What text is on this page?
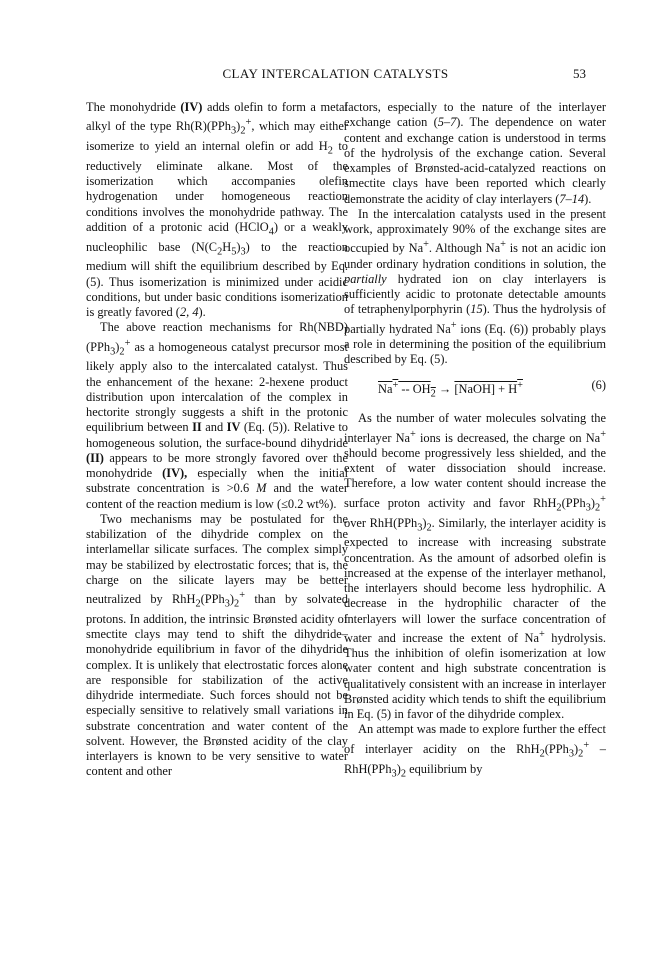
CLAY INTERCALATION CATALYSTS	53

The monohydride (IV) adds olefin to form a metal alkyl of the type $Rh(R)(PPh_3)_2^+$, which may either isomerize to yield an internal olefin or add $H_2$ to reductively eliminate alkane. Most of the isomerization which accompanies olefin hydrogenation under homogeneous reaction conditions involves the monohydride pathway. The addition of a protonic acid (HClO$_4$) or a weakly nucleophilic base $(N(C_2H_5)_3)$ to the reaction medium will shift the equilibrium described by Eq. (5). Thus isomerization is minimized under acidic conditions, but under basic conditions isomerization is greatly favored (2, 4).

The above reaction mechanisms for $Rh(NBD)(PPh_3)_2^+$ as a homogeneous catalyst precursor most likely apply also to the intercalated catalyst. Thus the enhancement of the hexane: 2-hexene product distribution upon intercalation of the complex in hectorite strongly suggests a shift in the protonic equilibrium between II and IV (Eq. (5)). Relative to homogeneous solution, the surface-bound dihydride (II) appears to be more strongly favored over the monohydride (IV), especially when the initial substrate concentration is >0.6 M and the water content of the reaction medium is low (≤0.2 wt%).

Two mechanisms may be postulated for the stabilization of the dihydride complex on the interlamellar silicate surfaces. The complex simply may be stabilized by electrostatic forces; that is, the charge on the silicate layers may be better neutralized by $RhH_2(PPh_3)_2^+$ than by solvated protons. In addition, the intrinsic Brønsted acidity of smectite clays may tend to shift the dihydride–monohydride equilibrium in favor of the dihydride complex. It is unlikely that electrostatic forces alone are responsible for stabilization of the active dihydride intermediate. Such forces should not be especially sensitive to relatively small variations in substrate concentration and water content of the solvent. However, the Brønsted acidity of the clay interlayers is known to be very sensitive to water content and other

factors, especially to the nature of the interlayer exchange cation (5–7). The dependence on water content and exchange cation is understood in terms of the hydrolysis of the exchange cation. Several examples of Brønsted-acid-catalyzed reactions on smectite clays have been reported which clearly demonstrate the acidity of clay interlayers (7–14).

In the intercalation catalysts used in the present work, approximately 90% of the exchange sites are occupied by Na+. Although Na+ is not an acidic ion under ordinary hydration conditions in solution, the partially hydrated ion on clay interlayers is sufficiently acidic to protonate detectable amounts of tetraphenylporphyrin (15). Thus the hydrolysis of partially hydrated Na+ ions (Eq. (6)) probably plays a role in determining the position of the equilibrium described by Eq. (5).

$Na^+ -- OH_2$ → [NaOH] + H+	(6)

As the number of water molecules solvating the interlayer Na+ ions is decreased, the charge on Na+ should become progressively less shielded, and the extent of water dissociation should increase. Therefore, a low water content should increase the surface proton activity and favor $RhH_2(PPh_3)_2^+$ over $RhH(PPh_3)_2$. Similarly, the interlayer acidity is expected to increase with increasing substrate concentration. As the amount of adsorbed olefin is increased at the expense of the interlayer methanol, the interlayers should become less hydrophilic. A decrease in the hydrophilic character of the interlayers will lower the surface concentration of water and increase the extent of Na+ hydrolysis. Thus the inhibition of olefin isomerization at low water content and high substrate concentration is qualitatively consistent with an increase in interlayer Brønsted acidity which tends to shift the equilibrium in Eq. (5) in favor of the dihydride complex.

An attempt was made to explore further the effect of interlayer acidity on the $RhH_2(PPh_3)_2^+ - RhH(PPh_3)_2$ equilibrium by
